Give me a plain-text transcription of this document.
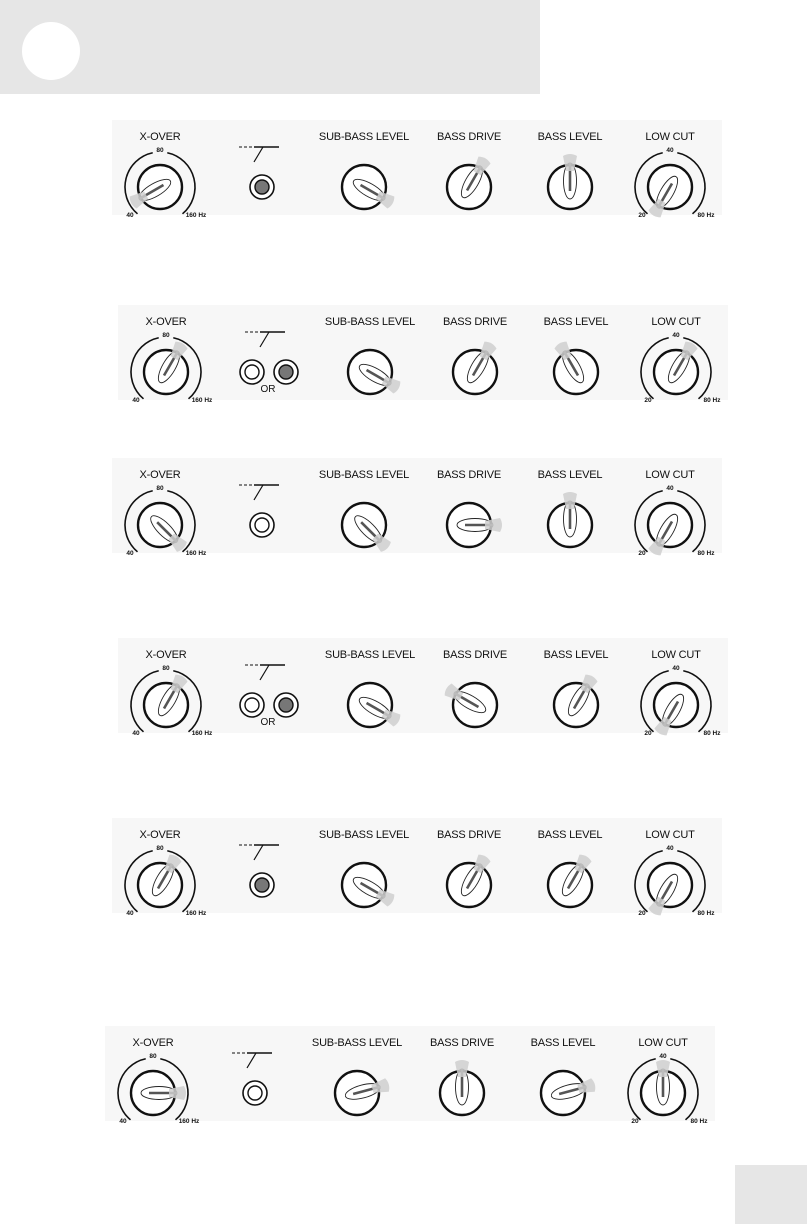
X-OVER	SUB-BASS LEVEL	BASS DRIVE	BASS LEVEL	LOW CUT
80
40	160 Hz
40
20	80 Hz
X-OVER	SUB-BASS LEVEL	BASS DRIVE	BASS LEVEL	LOW CUT
80
40	160 Hz
40
20	80 Hz
OR
X-OVER	SUB-BASS LEVEL	BASS DRIVE	BASS LEVEL	LOW CUT
80
40	160 Hz
40
20	80 Hz
X-OVER	SUB-BASS LEVEL	BASS DRIVE	BASS LEVEL	LOW CUT
80
40	160 Hz
40
20	80 Hz
OR
X-OVER	SUB-BASS LEVEL	BASS DRIVE	BASS LEVEL	LOW CUT
80
40	160 Hz
40
20	80 Hz
X-OVER	SUB-BASS LEVEL	BASS DRIVE	BASS LEVEL	LOW CUT
80
40	160 Hz
40
20	80 Hz
